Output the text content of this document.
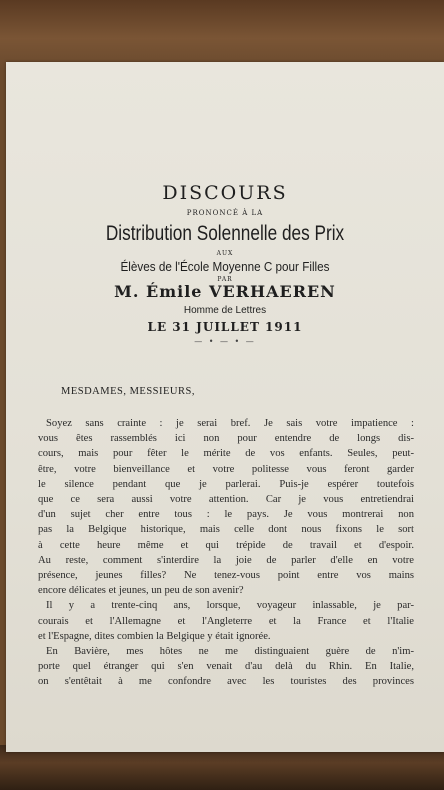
DISCOURS
PRONONCÉ À LA
Distribution Solennelle des Prix
AUX
Élèves de l'École Moyenne C pour Filles
PAR
M. Émile VERHAEREN
Homme de Lettres
LE 31 JUILLET 1911
— • — • —
MESDAMES, MESSIEURS,
Soyez sans crainte : je serai bref. Je sais votre impatience :
vous êtes rassemblés ici non pour entendre de longs dis-
cours, mais pour fêter le mérite de vos enfants. Seules, peut-
être, votre bienveillance et votre politesse vous feront garder
le silence pendant que je parlerai. Puis-je espérer toutefois
que ce sera aussi votre attention. Car je vous entretiendrai
d'un sujet cher entre tous : le pays. Je vous montrerai non
pas la Belgique historique, mais celle dont nous fixons le sort
à cette heure même et qui trépide de travail et d'espoir.
Au reste, comment s'interdire la joie de parler d'elle en votre
présence, jeunes filles? Ne tenez-vous point entre vos mains
encore délicates et jeunes, un peu de son avenir?
Il y a trente-cinq ans, lorsque, voyageur inlassable, je par-
courais et l'Allemagne et l'Angleterre et la France et l'Italie
et l'Espagne, dites combien la Belgique y était ignorée.
En Bavière, mes hôtes ne me distinguaient guère de n'im-
porte quel étranger qui s'en venait d'au delà du Rhin. En Italie,
on s'entêtait à me confondre avec les touristes des provinces
